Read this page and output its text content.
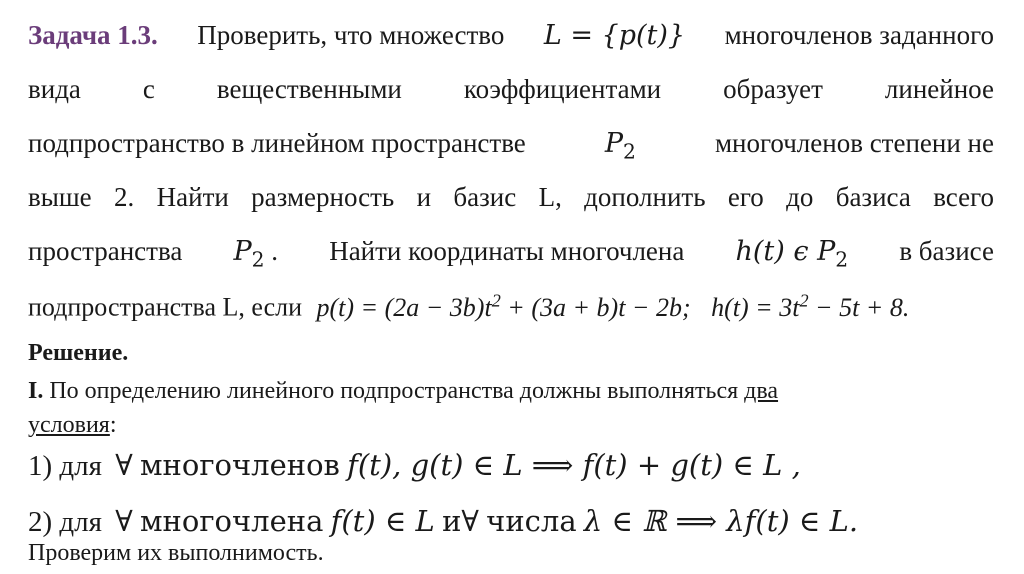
Задача 1.3. Проверить, что множество L = {p(t)} многочленов заданного
вида с вещественными коэффициентами образует линейное
подпространство в линейном пространстве	$P_2$	многочленов степени не
выше 2. Найти размерность и базис L, дополнить его до базиса всего
пространства $P_2$ . Найти координаты многочлена h(t) ϵ $P_2$ в базисе
подпространства L, если $p(t) = (2a - 3b)t^2 + (3a + b)t - 2b$; $h(t) = 3t^2 - 5t + 8$.
Решение.
I. По определению линейного подпространства должны выполняться два
условия:
1) для ∀ многочленов f(t), g(t) ∈ L ⟹ f(t) + g(t) ∈ L ,
2) для ∀ многочлена f(t) ∈ L и∀ числа λ ∈ ℝ ⟹ λf(t) ∈ L.
Проверим их выполнимость.
